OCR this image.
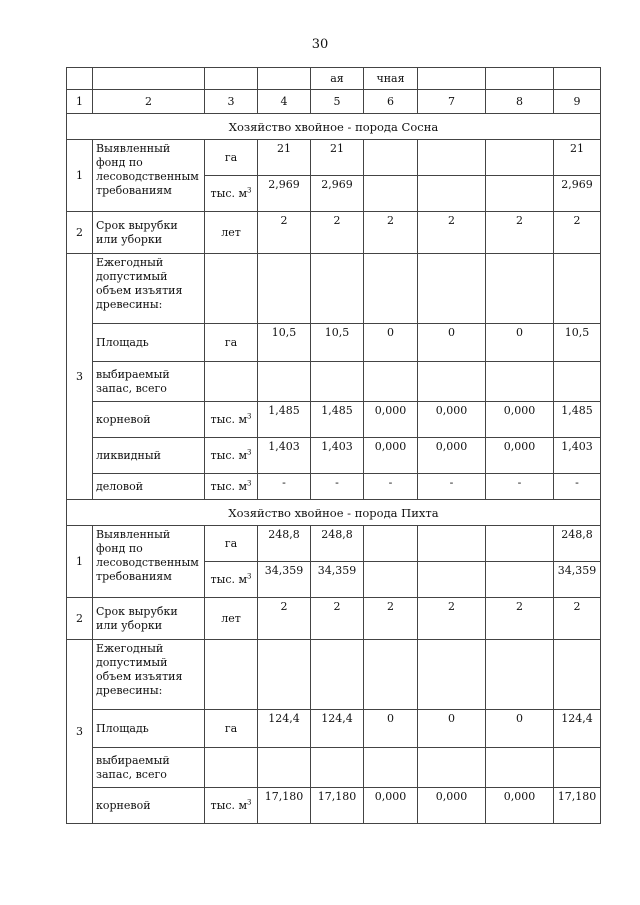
30
				ая	чная			
1	2	3	4	5	6	7	8	9
Хозяйство хвойное - порода Сосна								
1	Выявленный фонд по лесоводственным требованиям	га	21	21				21
		тыс. $м^3$	2,969	2,969				2,969
2	Срок вырубки или уборки	лет	2	2	2	2	2	2
3	Ежегодный допустимый объем изъятия древесины:							
	Площадь	га	10,5	10,5	0	0	0	10,5
	выбираемый запас, всего							
	корневой	тыс. $м^3$	1,485	1,485	0,000	0,000	0,000	1,485
	ликвидный	тыс. $м^3$	1,403	1,403	0,000	0,000	0,000	1,403
	деловой	тыс. $м^3$	-	-	-	-	-	-
Хозяйство хвойное - порода Пихта								
1	Выявленный фонд по лесоводственным требованиям	га	248,8	248,8				248,8
		тыс. $м^3$	34,359	34,359				34,359
2	Срок вырубки или уборки	лет	2	2	2	2	2	2
3	Ежегодный допустимый объем изъятия древесины:							
	Площадь	га	124,4	124,4	0	0	0	124,4
	выбираемый запас, всего							
	корневой	тыс. $м^3$	17,180	17,180	0,000	0,000	0,000	17,180
